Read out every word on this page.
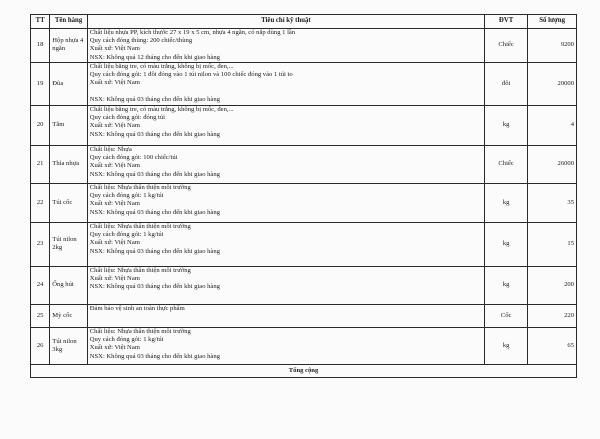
TT	Tên hàng	Tiêu chí kỹ thuật	ĐVT	Số lượng
18	Hộp nhựa 4 ngăn	Chất liệu nhựa PP, kích thước 27 x 19 x 5 cm, nhựa 4 ngăn, có nắp dùng 1 lần
Quy cách đóng thùng: 200 chiếc/thùng
Xuất xứ: Việt Nam
NSX: Không quá 12 tháng cho đến khi giao hàng	Chiếc	9200
19	Đũa	Chất liệu bằng tre, có màu trắng, không bị mốc, đen,...
Quy cách đóng gói: 1 đôi đóng vào 1 túi nilon và 100 chiếc đóng vào 1 túi to
Xuất xứ: Việt Nam

NSX: Không quá 03 tháng cho đến khi giao hàng	đôi	20000
20	Tăm	Chất liệu bằng tre, có màu trắng, không bị mốc, đen,...
Quy cách đóng gói: đóng túi
Xuất xứ: Việt Nam
NSX: Không quá 03 tháng cho đến khi giao hàng	kg	4
21	Thìa nhựa	Chất liệu: Nhựa
Quy cách đóng gói: 100 chiếc/túi
Xuất xứ: Việt Nam
NSX: Không quá 03 tháng cho đến khi giao hàng	Chiếc	26000
22	Túi cốc	Chất liệu: Nhựa thân thiện môi trường
Quy cách đóng gói: 1 kg/túi
Xuất xứ: Việt Nam
NSX: Không quá 03 tháng cho đến khi giao hàng	kg	35
23	Túi nilon 2kg	Chất liệu: Nhựa thân thiện môi trường
Quy cách đóng gói: 1 kg/túi
Xuất xứ: Việt Nam
NSX: Không quá 03 tháng cho đến khi giao hàng	kg	15
24	Ống hút	Chất liệu: Nhựa thân thiện môi trường
Xuất xứ: Việt Nam
NSX: Không quá 03 tháng cho đến khi giao hàng	kg	200
25	Mỳ cốc	Đảm bảo vệ sinh an toàn thực phẩm	Cốc	220
26	Túi nilon 3kg	Chất liệu: Nhựa thân thiện môi trường
Quy cách đóng gói: 1 kg/túi
Xuất xứ: Việt Nam
NSX: Không quá 03 tháng cho đến khi giao hàng	kg	65
Tổng cộng				
